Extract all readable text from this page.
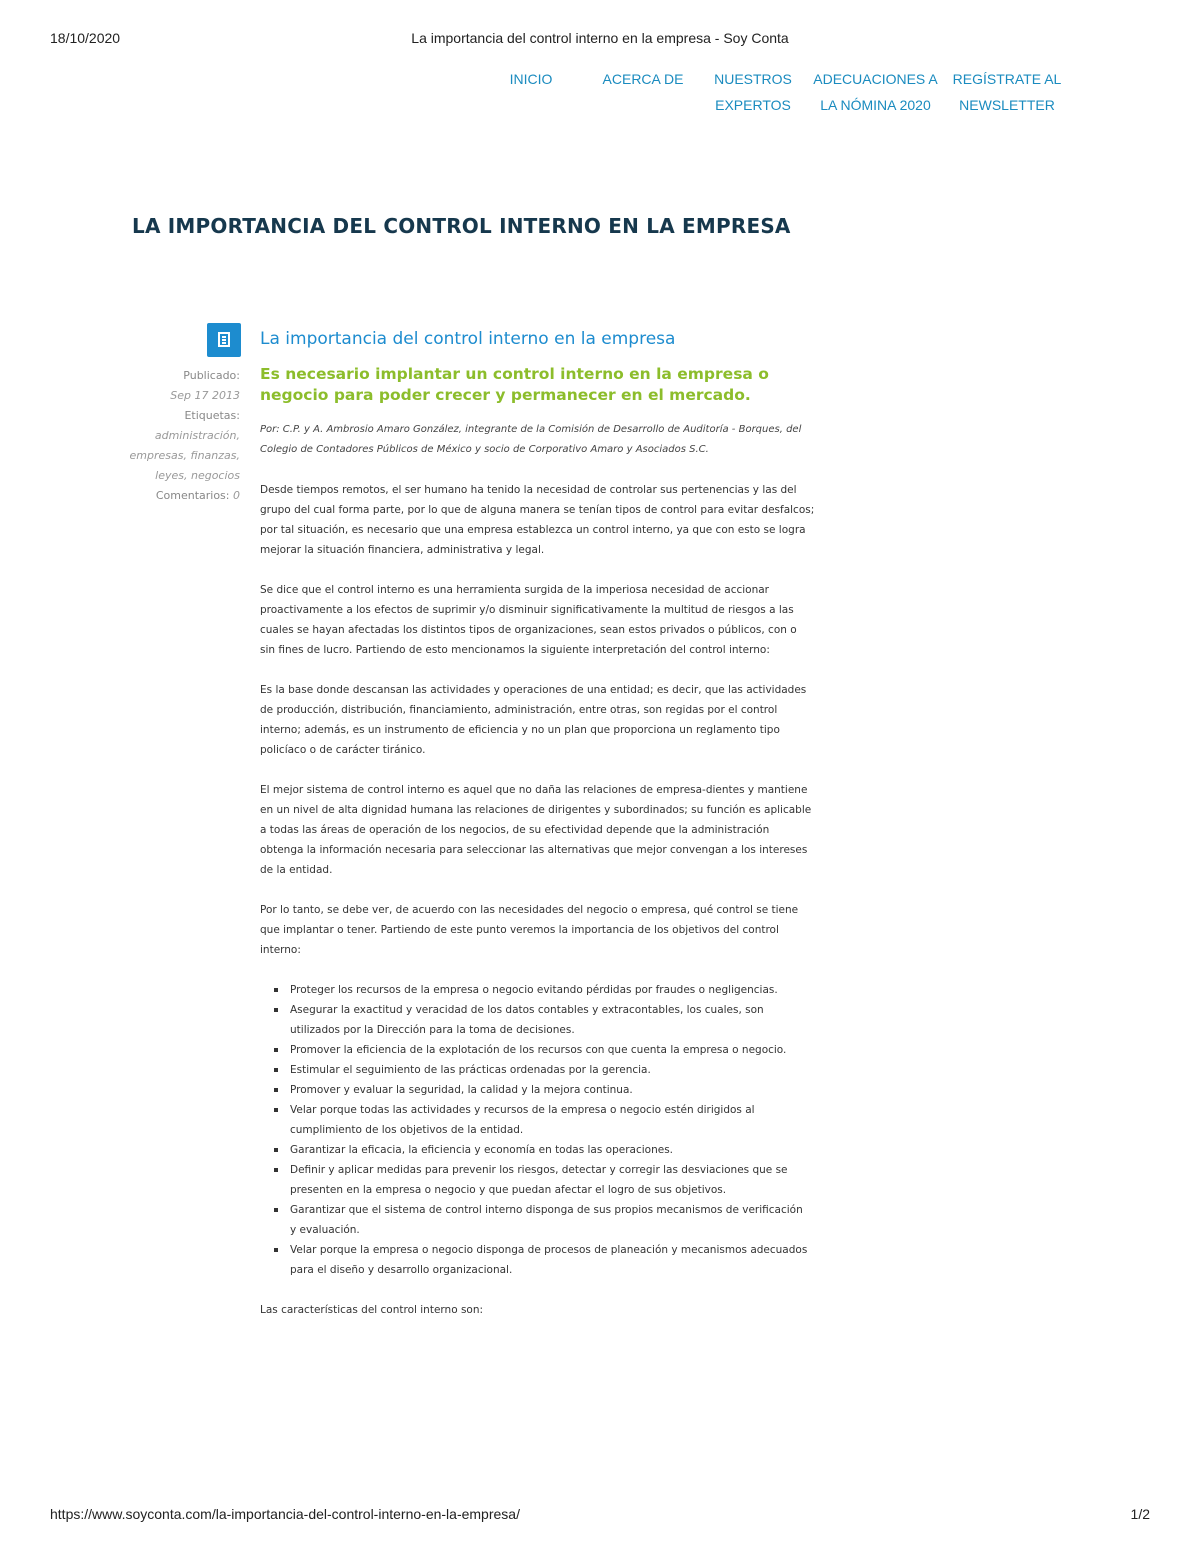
18/10/2020	La importancia del control interno en la empresa - Soy Conta
INICIO	ACERCA DE	NUESTROS EXPERTOS
ADECUACIONES A LA NÓMINA 2020
REGÍSTRATE AL NEWSLETTER
LA IMPORTANCIA DEL CONTROL INTERNO EN LA EMPRESA
Publicado:
Sep 17 2013
Etiquetas:
administración, empresas, finanzas, leyes, negocios
Comentarios: 0
La importancia del control interno en la empresa

Es necesario implantar un control interno en la empresa o negocio para poder crecer y permanecer en el mercado.

Por: C.P. y A. Ambrosio Amaro González, integrante de la Comisión de Desarrollo de Auditoría - Borques, del Colegio de Contadores Públicos de México y socio de Corporativo Amaro y Asociados S.C.

Desde tiempos remotos, el ser humano ha tenido la necesidad de controlar sus pertenencias y las del grupo del cual forma parte, por lo que de alguna manera se tenían tipos de control para evitar desfalcos; por tal situación, es necesario que una empresa establezca un control interno, ya que con esto se logra mejorar la situación financiera, administrativa y legal.

Se dice que el control interno es una herramienta surgida de la imperiosa necesidad de accionar proactivamente a los efectos de suprimir y/o disminuir significativamente la multitud de riesgos a las cuales se hayan afectadas los distintos tipos de organizaciones, sean estos privados o públicos, con o sin fines de lucro. Partiendo de esto mencionamos la siguiente interpretación del control interno:

Es la base donde descansan las actividades y operaciones de una entidad; es decir, que las actividades de producción, distribución, financiamiento, administración, entre otras, son regidas por el control interno; además, es un instrumento de eficiencia y no un plan que proporciona un reglamento tipo policíaco o de carácter tiránico.

El mejor sistema de control interno es aquel que no daña las relaciones de empresa-dientes y mantiene en un nivel de alta dignidad humana las relaciones de dirigentes y subordinados; su función es aplicable a todas las áreas de operación de los negocios, de su efectividad depende que la administración obtenga la información necesaria para seleccionar las alternativas que mejor convengan a los intereses de la entidad.

Por lo tanto, se debe ver, de acuerdo con las necesidades del negocio o empresa, qué control se tiene que implantar o tener. Partiendo de este punto veremos la importancia de los objetivos del control interno:

Proteger los recursos de la empresa o negocio evitando pérdidas por fraudes o negligencias.
Asegurar la exactitud y veracidad de los datos contables y extracontables, los cuales, son utilizados por la Dirección para la toma de decisiones.
Promover la eficiencia de la explotación de los recursos con que cuenta la empresa o negocio.
Estimular el seguimiento de las prácticas ordenadas por la gerencia.
Promover y evaluar la seguridad, la calidad y la mejora continua.
Velar porque todas las actividades y recursos de la empresa o negocio estén dirigidos al cumplimiento de los objetivos de la entidad.
Garantizar la eficacia, la eficiencia y economía en todas las operaciones.
Definir y aplicar medidas para prevenir los riesgos, detectar y corregir las desviaciones que se presenten en la empresa o negocio y que puedan afectar el logro de sus objetivos.
Garantizar que el sistema de control interno disponga de sus propios mecanismos de verificación y evaluación.
Velar porque la empresa o negocio disponga de procesos de planeación y mecanismos adecuados para el diseño y desarrollo organizacional.

Las características del control interno son:

https://www.soyconta.com/la-importancia-del-control-interno-en-la-empresa/	1/2
